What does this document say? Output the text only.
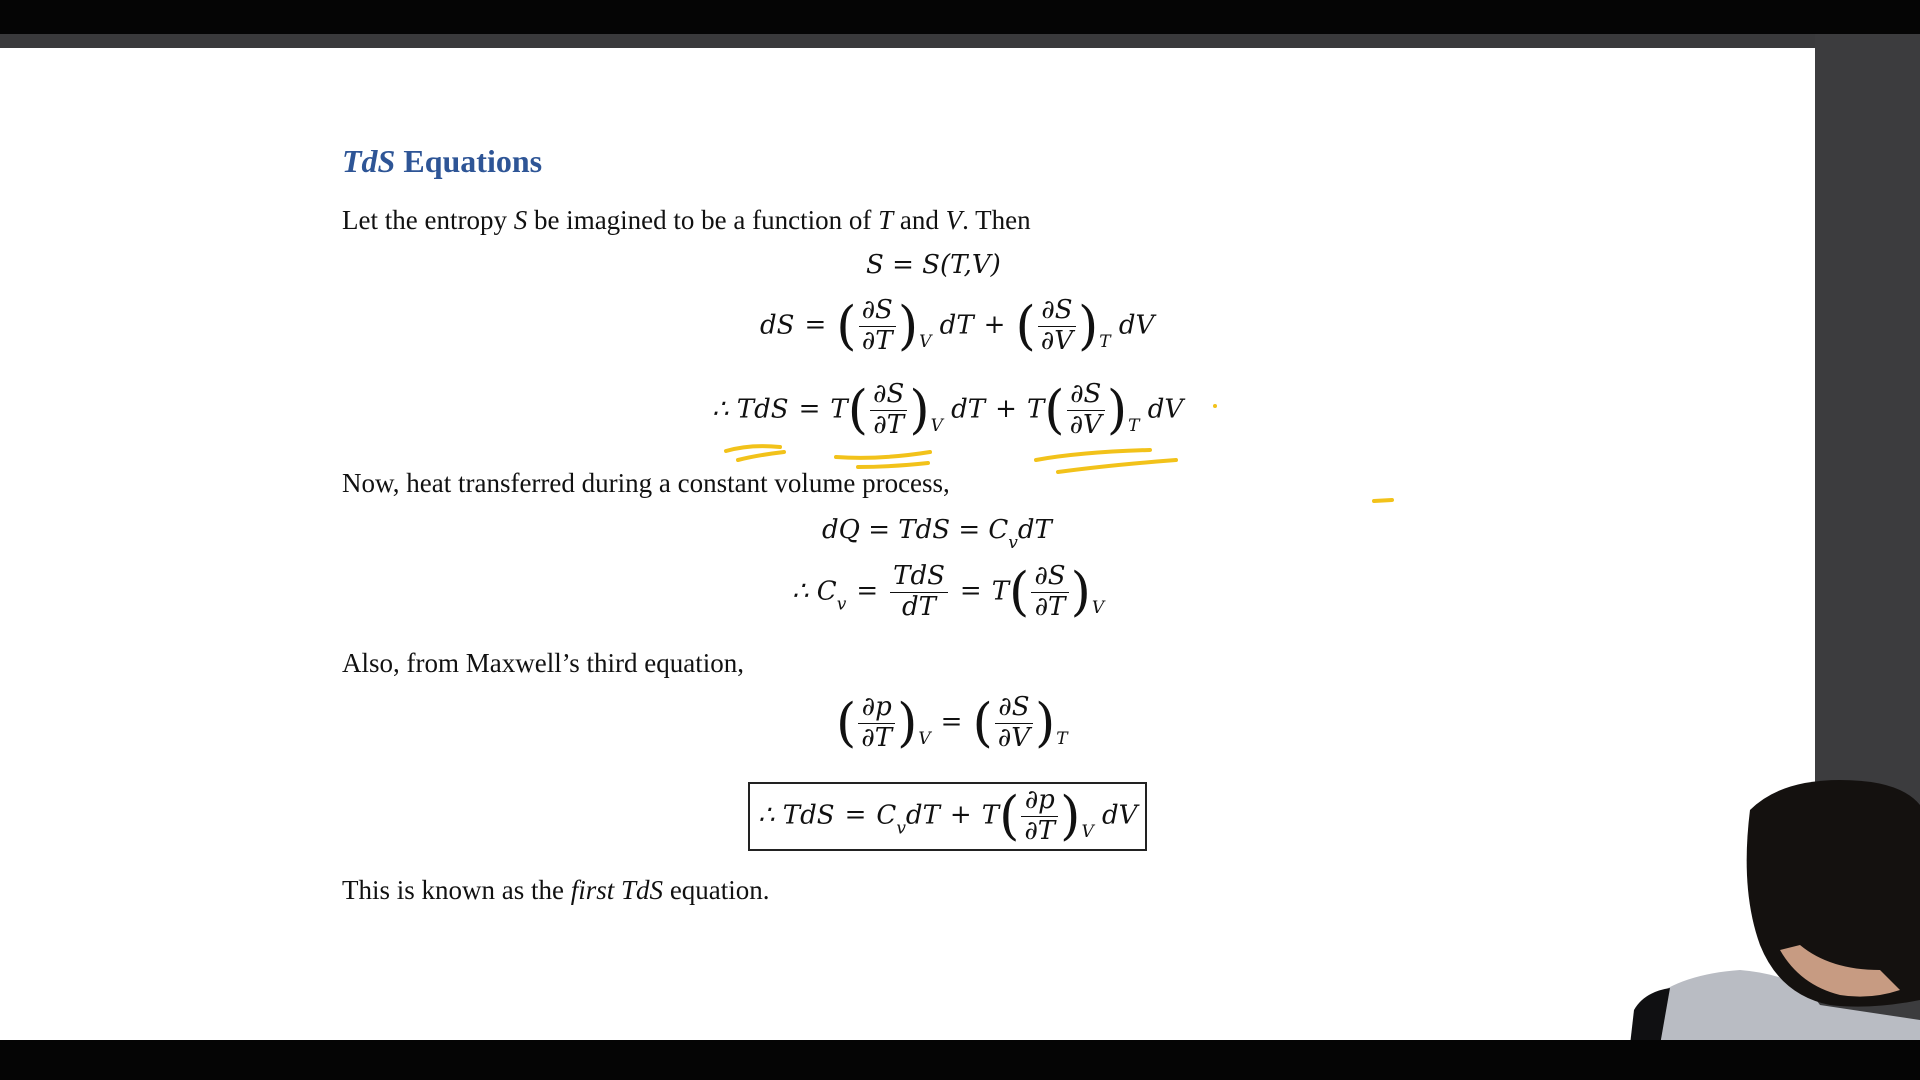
TdS Equations
Let the entropy S be imagined to be a function of T and V. Then
S = S(T,V)
dS = ( $\frac{\partial S}{\partial T} )_V$ dT + ( $\frac{\partial S}{\partial V} )_T$ dV
∴ TdS = $T( \frac{\partial S}{\partial T} )_V$ dT + $T( \frac{\partial S}{\partial V} )_T$ dV
Now, heat transferred during a constant volume process,
dQ = TdS = $C_vdT$
∴ $C_v = \frac{\text{TdS}}{dT} = T( \frac{\partial S}{\partial T} )_V$
Also, from Maxwell’s third equation,
( $\frac{\partial p}{\partial T} )_V=$ ( $\frac{\partial S}{\partial V} )_T$
∴ TdS = $C_vdT + T( \frac{\partial p}{\partial T} )_V$ dV
This is known as the first TdS equation.
